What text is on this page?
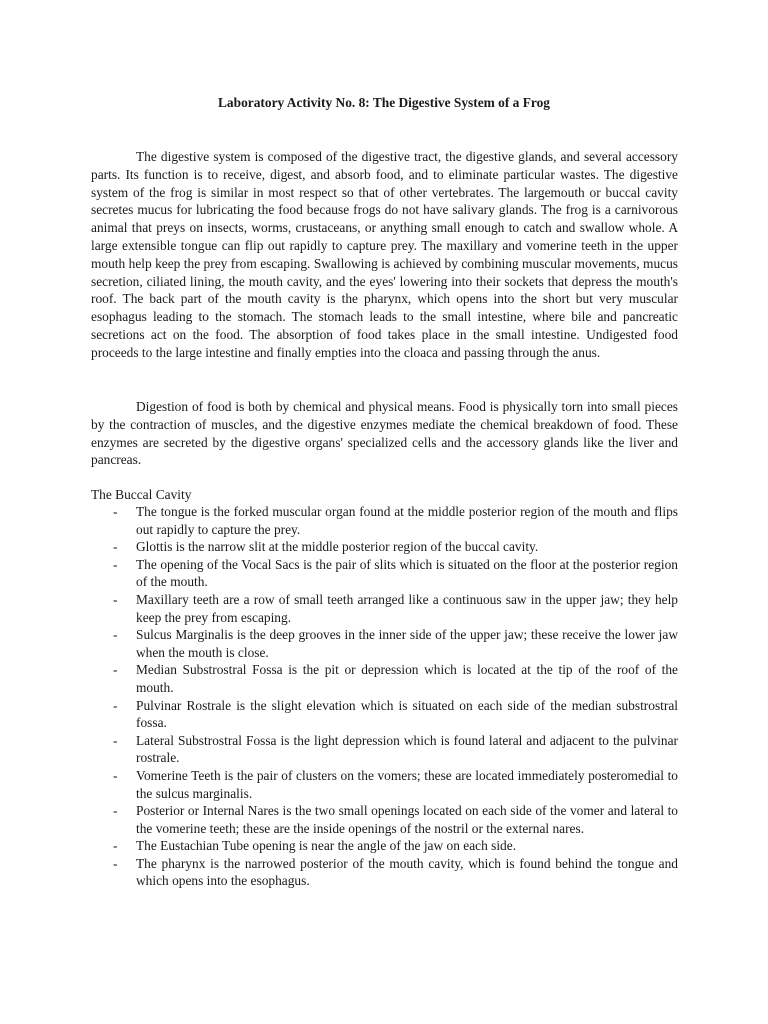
Laboratory Activity No. 8: The Digestive System of a Frog

The digestive system is composed of the digestive tract, the digestive glands, and several accessory parts. Its function is to receive, digest, and absorb food, and to eliminate particular wastes. The digestive system of the frog is similar in most respect so that of other vertebrates. The largemouth or buccal cavity secretes mucus for lubricating the food because frogs do not have salivary glands. The frog is a carnivorous animal that preys on insects, worms, crustaceans, or anything small enough to catch and swallow whole. A large extensible tongue can flip out rapidly to capture prey. The maxillary and vomerine teeth in the upper mouth help keep the prey from escaping. Swallowing is achieved by combining muscular movements, mucus secretion, ciliated lining, the mouth cavity, and the eyes' lowering into their sockets that depress the mouth's roof. The back part of the mouth cavity is the pharynx, which opens into the short but very muscular esophagus leading to the stomach. The stomach leads to the small intestine, where bile and pancreatic secretions act on the food. The absorption of food takes place in the small intestine. Undigested food proceeds to the large intestine and finally empties into the cloaca and passing through the anus.

Digestion of food is both by chemical and physical means. Food is physically torn into small pieces by the contraction of muscles, and the digestive enzymes mediate the chemical breakdown of food. These enzymes are secreted by the digestive organs' specialized cells and the accessory glands like the liver and pancreas.

The Buccal Cavity
- The tongue is the forked muscular organ found at the middle posterior region of the mouth and flips out rapidly to capture the prey.
- Glottis is the narrow slit at the middle posterior region of the buccal cavity.
- The opening of the Vocal Sacs is the pair of slits which is situated on the floor at the posterior region of the mouth.
- Maxillary teeth are a row of small teeth arranged like a continuous saw in the upper jaw; they help keep the prey from escaping.
- Sulcus Marginalis is the deep grooves in the inner side of the upper jaw; these receive the lower jaw when the mouth is close.
- Median Substrostral Fossa is the pit or depression which is located at the tip of the roof of the mouth.
- Pulvinar Rostrale is the slight elevation which is situated on each side of the median substrostral fossa.
- Lateral Substrostral Fossa is the light depression which is found lateral and adjacent to the pulvinar rostrale.
- Vomerine Teeth is the pair of clusters on the vomers; these are located immediately posteromedial to the sulcus marginalis.
- Posterior or Internal Nares is the two small openings located on each side of the vomer and lateral to the vomerine teeth; these are the inside openings of the nostril or the external nares.
- The Eustachian Tube opening is near the angle of the jaw on each side.
- The pharynx is the narrowed posterior of the mouth cavity, which is found behind the tongue and which opens into the esophagus.
